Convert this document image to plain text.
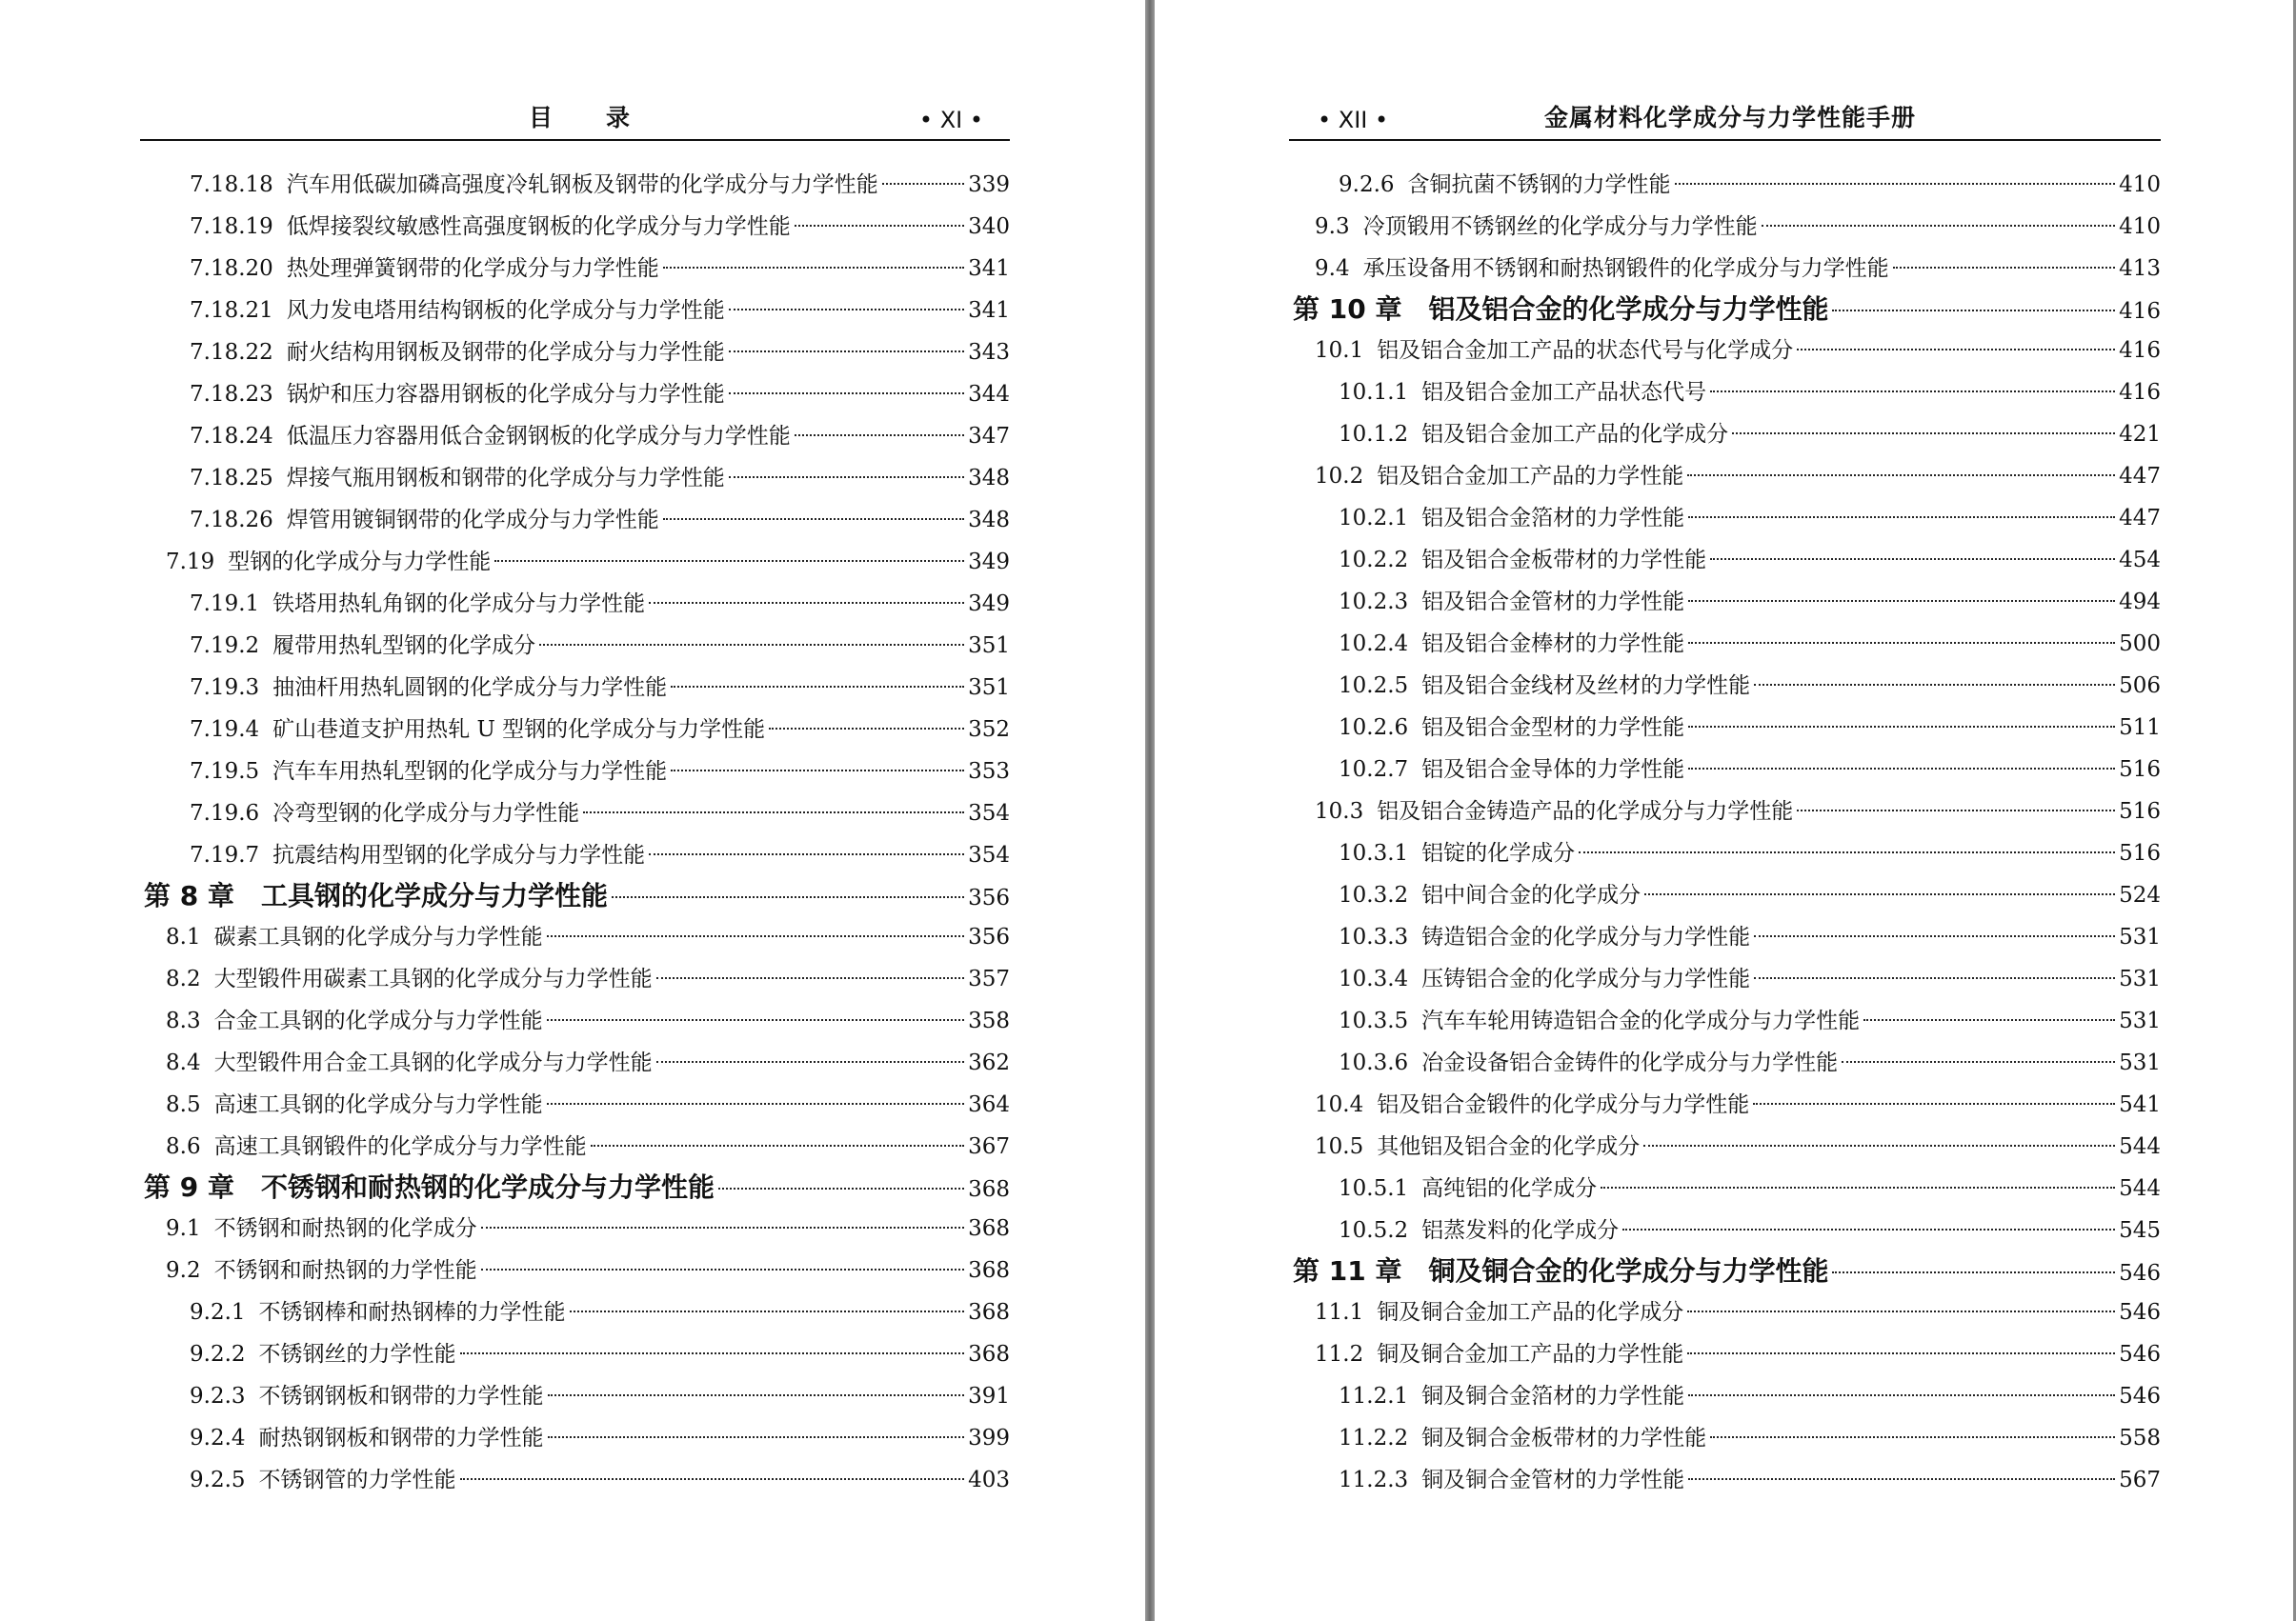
目　　录	• XI •
7.18.18 汽车用低碳加磷高强度冷轧钢板及钢带的化学成分与力学性能	339
7.18.19 低焊接裂纹敏感性高强度钢板的化学成分与力学性能	340
7.18.20 热处理弹簧钢带的化学成分与力学性能	341
7.18.21 风力发电塔用结构钢板的化学成分与力学性能	341
7.18.22 耐火结构用钢板及钢带的化学成分与力学性能	343
7.18.23 锅炉和压力容器用钢板的化学成分与力学性能	344
7.18.24 低温压力容器用低合金钢钢板的化学成分与力学性能	347
7.18.25 焊接气瓶用钢板和钢带的化学成分与力学性能	348
7.18.26 焊管用镀铜钢带的化学成分与力学性能	348
7.19 型钢的化学成分与力学性能	349
7.19.1 铁塔用热轧角钢的化学成分与力学性能	349
7.19.2 履带用热轧型钢的化学成分	351
7.19.3 抽油杆用热轧圆钢的化学成分与力学性能	351
7.19.4 矿山巷道支护用热轧 U 型钢的化学成分与力学性能	352
7.19.5 汽车车用热轧型钢的化学成分与力学性能	353
7.19.6 冷弯型钢的化学成分与力学性能	354
7.19.7 抗震结构用型钢的化学成分与力学性能	354
第 8 章	工具钢的化学成分与力学性能	356
8.1 碳素工具钢的化学成分与力学性能	356
8.2 大型锻件用碳素工具钢的化学成分与力学性能	357
8.3 合金工具钢的化学成分与力学性能	358
8.4 大型锻件用合金工具钢的化学成分与力学性能	362
8.5 高速工具钢的化学成分与力学性能	364
8.6 高速工具钢锻件的化学成分与力学性能	367
第 9 章	不锈钢和耐热钢的化学成分与力学性能	368
9.1 不锈钢和耐热钢的化学成分	368
9.2 不锈钢和耐热钢的力学性能	368
9.2.1 不锈钢棒和耐热钢棒的力学性能	368
9.2.2 不锈钢丝的力学性能	368
9.2.3 不锈钢钢板和钢带的力学性能	391
9.2.4 耐热钢钢板和钢带的力学性能	399
9.2.5 不锈钢管的力学性能	403
• XII •	金属材料化学成分与力学性能手册
9.2.6 含铜抗菌不锈钢的力学性能	410
9.3 冷顶锻用不锈钢丝的化学成分与力学性能	410
9.4 承压设备用不锈钢和耐热钢锻件的化学成分与力学性能	413
第 10 章	铝及铝合金的化学成分与力学性能	416
10.1 铝及铝合金加工产品的状态代号与化学成分	416
10.1.1 铝及铝合金加工产品状态代号	416
10.1.2 铝及铝合金加工产品的化学成分	421
10.2 铝及铝合金加工产品的力学性能	447
10.2.1 铝及铝合金箔材的力学性能	447
10.2.2 铝及铝合金板带材的力学性能	454
10.2.3 铝及铝合金管材的力学性能	494
10.2.4 铝及铝合金棒材的力学性能	500
10.2.5 铝及铝合金线材及丝材的力学性能	506
10.2.6 铝及铝合金型材的力学性能	511
10.2.7 铝及铝合金导体的力学性能	516
10.3 铝及铝合金铸造产品的化学成分与力学性能	516
10.3.1 铝锭的化学成分	516
10.3.2 铝中间合金的化学成分	524
10.3.3 铸造铝合金的化学成分与力学性能	531
10.3.4 压铸铝合金的化学成分与力学性能	531
10.3.5 汽车车轮用铸造铝合金的化学成分与力学性能	531
10.3.6 冶金设备铝合金铸件的化学成分与力学性能	531
10.4 铝及铝合金锻件的化学成分与力学性能	541
10.5 其他铝及铝合金的化学成分	544
10.5.1 高纯铝的化学成分	544
10.5.2 铝蒸发料的化学成分	545
第 11 章	铜及铜合金的化学成分与力学性能	546
11.1 铜及铜合金加工产品的化学成分	546
11.2 铜及铜合金加工产品的力学性能	546
11.2.1 铜及铜合金箔材的力学性能	546
11.2.2 铜及铜合金板带材的力学性能	558
11.2.3 铜及铜合金管材的力学性能	567
